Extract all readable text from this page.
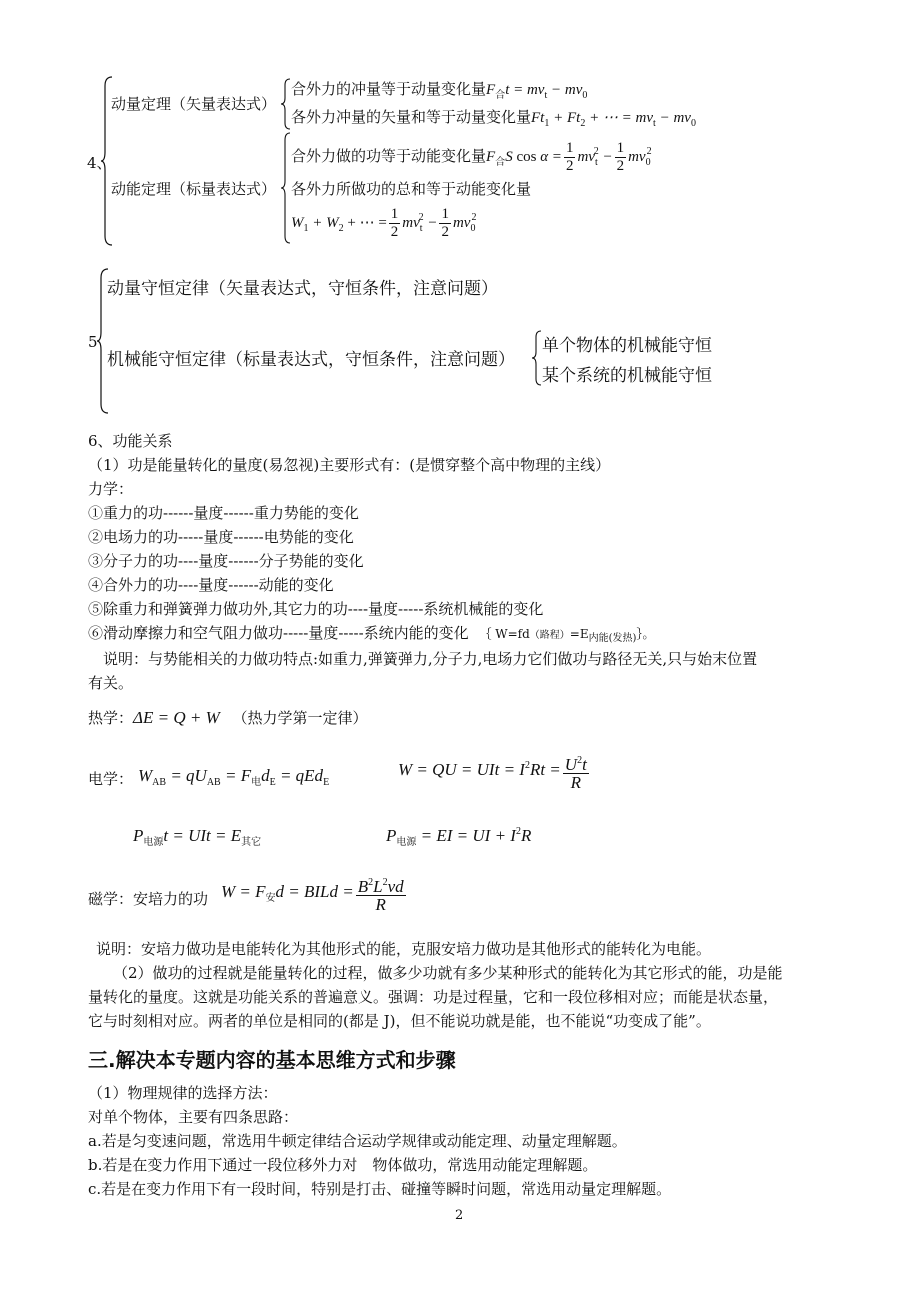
4、
动量定理（矢量表达式）
合外力的冲量等于动量变化量$F_合t = mv_t - mv_0$
各外力冲量的矢量和等于动量变化量$Ft_1 + Ft_2$ + ⋯ = $mv_t - mv_0$
动能定理（标量表达式）
合外力做的功等于动能变化量$F_合S$ $\cos \alpha = \frac{1}{2} mv_t^2 - \frac{1}{2} mv_0^2$
各外力所做功的总和等于动能变化量
$W_1 + W_2$ + ⋯ = $\frac{1}{2} mv_t^2 - \frac{1}{2} mv_0^2$
5
动量守恒定律（矢量表达式，守恒条件，注意问题）
机械能守恒定律（标量表达式，守恒条件，注意问题）
单个物体的机械能守恒
某个系统的机械能守恒
6、功能关系
（1）功是能量转化的量度(易忽视)主要形式有：(是惯穿整个高中物理的主线）
力学：
①重力的功------量度------重力势能的变化
②电场力的功-----量度------电势能的变化
③分子力的功----量度------分子势能的变化
④合外力的功----量度------动能的变化
⑤除重力和弹簧弹力做功外,其它力的功----量度-----系统机械能的变化
⑥滑动摩擦力和空气阻力做功-----量度-----系统内能的变化 ｛ W=fd（路程）$=E_{内能(发热)}\}$。
说明：与势能相关的力做功特点:如重力,弹簧弹力,分子力,电场力它们做功与路径无关,只与始末位置
有关。
热学：ΔE = Q + W （热力学第一定律）
电学： $W_{AB} = qU_{AB} = F_电d_E = qEd_E$
W = QU = UIt = $I^2Rt = \frac{U^2t}{R}$
$P_{电源}t$ = UIt = $E_{其它}$	$P_{电源}$ = EI = UI + $I^2R$
磁学：安培力的功 $W = F_安d$ = BILd = $\frac{B^2L^2vd}{R}$
说明：安培力做功是电能转化为其他形式的能，克服安培力做功是其他形式的能转化为电能。
（2）做功的过程就是能量转化的过程，做多少功就有多少某种形式的能转化为其它形式的能，功是能
量转化的量度。这就是功能关系的普遍意义。强调：功是过程量，它和一段位移相对应；而能是状态量，
它与时刻相对应。两者的单位是相同的(都是 J)，但不能说功就是能，也不能说“功变成了能”。
三.解决本专题内容的基本思维方式和步骤
（1）物理规律的选择方法：
对单个物体，主要有四条思路：
a.若是匀变速问题，常选用牛顿定律结合运动学规律或动能定理、动量定理解题。
b.若是在变力作用下通过一段位移外力对　物体做功，常选用动能定理解题。
c.若是在变力作用下有一段时间，特别是打击、碰撞等瞬时问题，常选用动量定理解题。
2
